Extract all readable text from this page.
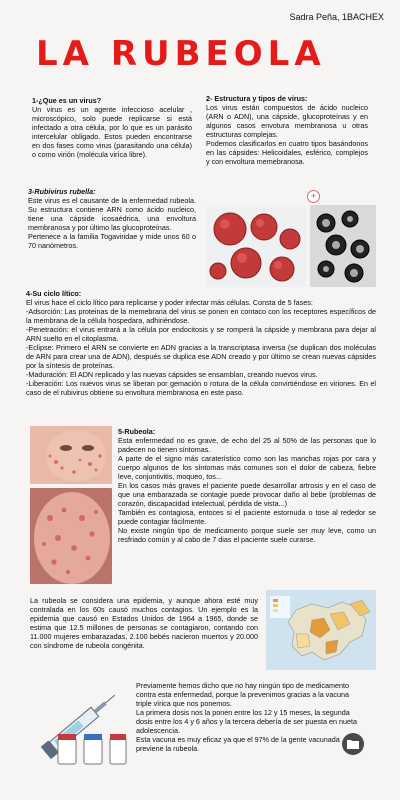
Sadra Peña, 1BACHEX
LA RUBEOLA

1-¿Que es un virus?

Un virus es un agente infeccioso acelular , microscópico, solo puede replicarse si está infectado a otra célula, por lo que es un parásito intercelular obligado. Estos pueden encontrarse en dos fases como virus (parasitando una célula) o como virión (molécula viríca libre).

2- Estructura y tipos de virus:

Los virus están compuestos de ácido nucleico (ARN o ADN), una cápside, glucoproteínas y en algunos casos envotura membranosa u otras estructuras complejas.

Podemos clasificarlos en cuatro tipos basándonos en las cápsides: Helicoidales, esférico, complejos y con envoltura memebranosa.

+

3-Rubivirus rubella:

Este virus es el causante de la enfermedad rubeola. Su estructura contiene ARN como ácido nucleico, tiene una cápside icosaédrica, una envoltura membranosa y por último las glucoproteínas.

Pertenece a la familia Togaviridae y mide unos 60 o 70 nanómetros.

4-Su ciclo lítico:

El virus hace el ciclo lítico para replicarse y poder infectar más células. Consta de 5 fases:

-Adsorción: Las proteinas de la memebrana del virus se ponen en contaco con los receptores específicos de la membrana de la célula hospedara, adhiriéndose.

-Penetración: el virus entrará a la célula por endocitosis y se romperá la cápside y membrana para dejar al ARN suelto en el citoplasma.

-Eclipse: Primero el ARN se convierte en ADN gracias a la transcriptasa inversa (se duplican dos moléculas de ARN para crear una de ADN), después se duplica ese ADN creado y por último se crean nuevas cápsides por la síntesis de proteínas.

-Maduración: El ADN replicado y las nuevas cápsides se ensamblan, creando nuevos virus.

-Liberación: Los nuevos virus se liberan por gemación o rotura de la célula convirtiéndose en viriones. En el caso de el rubivirus obtiene su envoltura membranosa en este paso.

5-Rubeola:

Esta enfermedad no es grave, de echo del 25 al 50% de las personas que lo padecen no tienen síntomas.

A parte de el signo más caraterístico como son las manchas rojas por cara y cuerpo algunos de los síntomas más comunes son el dolor de cabeza, fiebre leve, conjuntivitis, moqueo, tos...

En los casos más graves el paciente puede desarrollar artrosis y en el caso de que una embarazada se contagie puede provocar daño al bebe (problemas de corazón, discapacidad intelectual, pérdida de vista...)

También es contagiosa, entoces si el paciente estornuda o tose al rededor se puede contagiar fácilmente.

No existe ningún tipo de medicamento porque suele ser muy leve, como un resfriado común y al cabo de 7 dias el paciente suele curarse.

La rubeola se considera una epidemia, y aunque ahora esté muy contralada en los 60s causó muchos contagios. Un ejemplo es la epidemia que causó en Estados Unidos de 1964 a 1965, donde se estima que 12.5 millones de personas se contagiaron, contando con 11.000 mujeres embarazadas, 2.100 bebés nacieron muertos y 20.000 con síndrome de rubeola congénita.

Previamente hemos dicho que no hay ningún tipo de medicamento contra esta enfermedad, porque la prevenimos gracias a la vacuna triple vírica que nos ponemos.

La primera dosis nos la ponen entre los 12 y 15 meses, la segunda dosis entre los 4 y 6 años y la tercera debería de ser puesta en nueta adolescencia.

Esta vacuna es muy eficaz ya que el 97% de la gente vacunada previene la rubeola.
